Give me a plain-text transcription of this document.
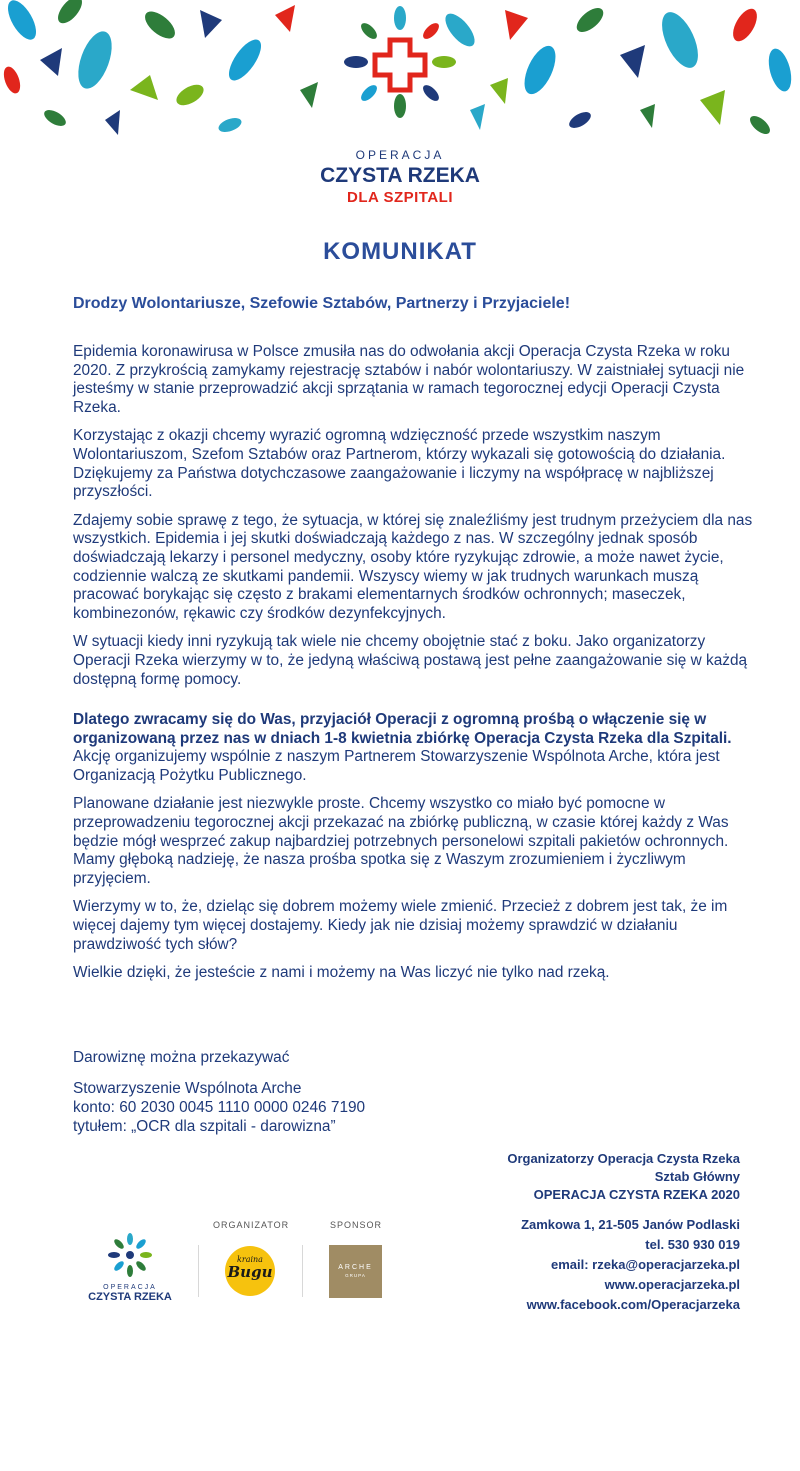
OPERACJA
CZYSTA RZEKA
DLA SZPITALI
KOMUNIKAT
Drodzy Wolontariusze, Szefowie Sztabów, Partnerzy i Przyjaciele!

Epidemia koronawirusa w Polsce zmusiła nas do odwołania akcji Operacja Czysta Rzeka w roku 2020. Z przykrością zamykamy rejestrację sztabów i nabór wolontariuszy. W zaistniałej sytuacji nie jesteśmy w stanie przeprowadzić akcji sprzątania w ramach tegorocznej edycji Operacji Czysta Rzeka.

Korzystając z okazji chcemy wyrazić ogromną wdzięczność przede wszystkim naszym Wolontariuszom, Szefom Sztabów oraz Partnerom, którzy wykazali się gotowością do działania. Dziękujemy za Państwa dotychczasowe zaangażowanie i liczymy na współpracę w najbliższej przyszłości.

Zdajemy sobie sprawę z tego, że sytuacja, w której się znaleźliśmy jest trudnym przeżyciem dla nas wszystkich. Epidemia i jej skutki doświadczają każdego z nas. W szczególny jednak sposób doświadczają lekarzy i personel medyczny, osoby które ryzykując zdrowie, a może nawet życie, codziennie walczą ze skutkami pandemii. Wszyscy wiemy w jak trudnych warunkach muszą pracować borykając się często z brakami elementarnych środków ochronnych; maseczek, kombinezonów, rękawic czy środków dezynfekcyjnych.

W sytuacji kiedy inni ryzykują tak wiele nie chcemy obojętnie stać z boku. Jako organizatorzy Operacji Rzeka wierzymy w to, że jedyną właściwą postawą jest pełne zaangażowanie się w każdą dostępną formę pomocy.

Dlatego zwracamy się do Was, przyjaciół Operacji z ogromną prośbą o włączenie się w organizowaną przez nas w dniach 1-8 kwietnia zbiórkę Operacja Czysta Rzeka dla Szpitali. Akcję organizujemy wspólnie z naszym Partnerem Stowarzyszenie Wspólnota Arche, która jest Organizacją Pożytku Publicznego.

Planowane działanie jest niezwykle proste. Chcemy wszystko co miało być pomocne w przeprowadzeniu tegorocznej akcji przekazać na zbiórkę publiczną, w czasie której każdy z Was będzie mógł wesprzeć zakup najbardziej potrzebnych personelowi szpitali pakietów ochronnych. Mamy głęboką nadzieję, że nasza prośba spotka się z Waszym zrozumieniem i życzliwym przyjęciem.

Wierzymy w to, że, dzieląc się dobrem możemy wiele zmienić. Przecież z dobrem jest tak, że im więcej dajemy tym więcej dostajemy. Kiedy jak nie dzisiaj możemy sprawdzić w działaniu prawdziwość tych słów?

Wielkie dzięki, że jesteście z nami i możemy na Was liczyć nie tylko nad rzeką.

Darowiznę można przekazywać
Stowarzyszenie Wspólnota Arche
konto: 60 2030 0045 1110 0000 0246 7190
tytułem: „OCR dla szpitali - darowizna”
Organizatorzy Operacja Czysta Rzeka
Sztab Główny
OPERACJA CZYSTA RZEKA 2020
Zamkowa 1, 21-505 Janów Podlaski
tel. 530 930 019
email: rzeka@operacjarzeka.pl
www.operacjarzeka.pl
www.facebook.com/Operacjarzeka
OPERACJA
CZYSTA RZEKA
ORGANIZATOR
kraina
Bugu
SPONSOR
ARCHE
GRUPA
